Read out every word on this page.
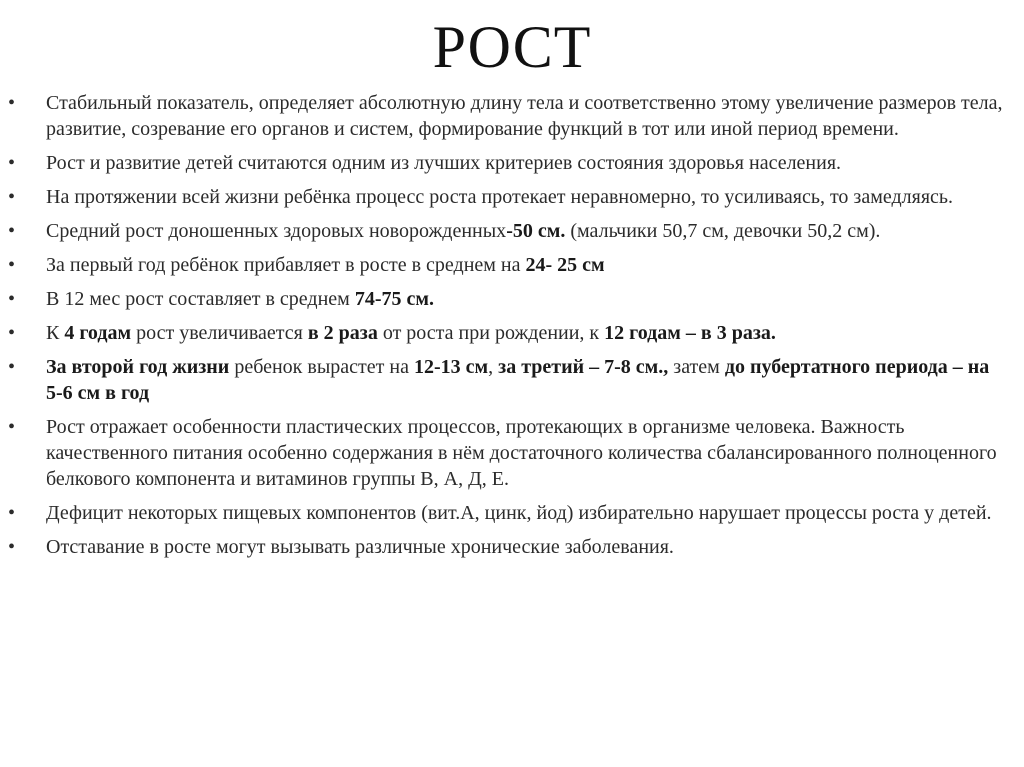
РОСТ
• Стабильный показатель, определяет абсолютную длину тела и соответственно этому увеличение размеров тела, развитие, созревание его органов и систем, формирование функций в тот или иной период времени.
• Рост и развитие детей считаются одним из лучших критериев состояния здоровья населения.
• На протяжении всей жизни ребёнка процесс роста протекает неравномерно, то усиливаясь, то замедляясь.
• Средний рост доношенных здоровых новорожденных-50 см. (мальчики 50,7 см, девочки 50,2 см).
• За первый год ребёнок прибавляет в росте в среднем на 24- 25 см
• В 12 мес рост составляет в среднем 74-75 см.
• К 4 годам рост увеличивается в 2 раза от роста при рождении, к 12 годам – в 3 раза.
• За второй год жизни ребенок вырастет на 12-13 см, за третий – 7-8 см., затем до пубертатного периода – на 5-6 см в год
• Рост отражает особенности пластических процессов, протекающих в организме человека. Важность качественного питания особенно содержания в нём достаточного количества сбалансированного полноценного белкового компонента и витаминов группы В, А, Д, Е.
• Дефицит некоторых пищевых компонентов (вит.А, цинк, йод) избирательно нарушает процессы роста у детей.
• Отставание в росте могут вызывать различные хронические заболевания.
